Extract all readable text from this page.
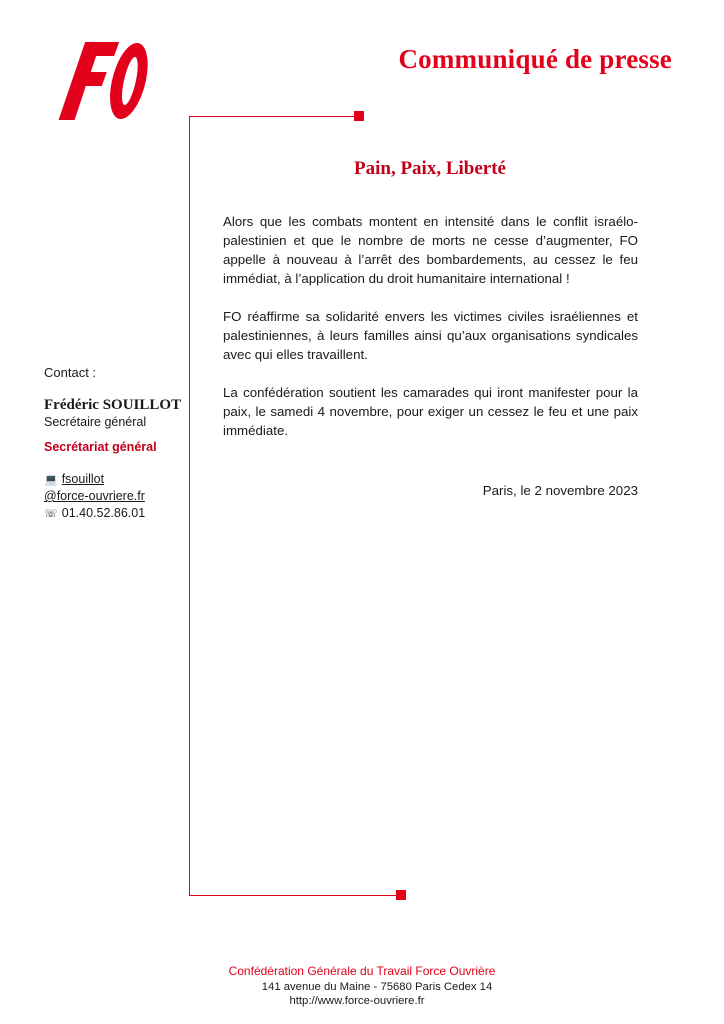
Communiqué de presse
Pain, Paix, Liberté

Alors que les combats montent en intensité dans le conflit israélo-palestinien et que le nombre de morts ne cesse d’augmenter, FO appelle à nouveau à l’arrêt des bombardements, au cessez le feu immédiat, à l’application du droit humanitaire international !

FO réaffirme sa solidarité envers les victimes civiles israéliennes et palestiniennes, à leurs familles ainsi qu’aux organisations syndicales avec qui elles travaillent.

La confédération soutient les camarades qui iront manifester pour la paix, le samedi 4 novembre, pour exiger un cessez le feu et une paix immédiate.

Paris, le 2 novembre 2023
Contact :
Frédéric SOUILLOT
Secrétaire général
Secrétariat général
💻 fsouillot
@force-ouvriere.fr
☏ 01.40.52.86.01
Confédération Générale du Travail Force Ouvrière
141 avenue du Maine - 75680 Paris Cedex 14
http://www.force-ouvriere.fr
